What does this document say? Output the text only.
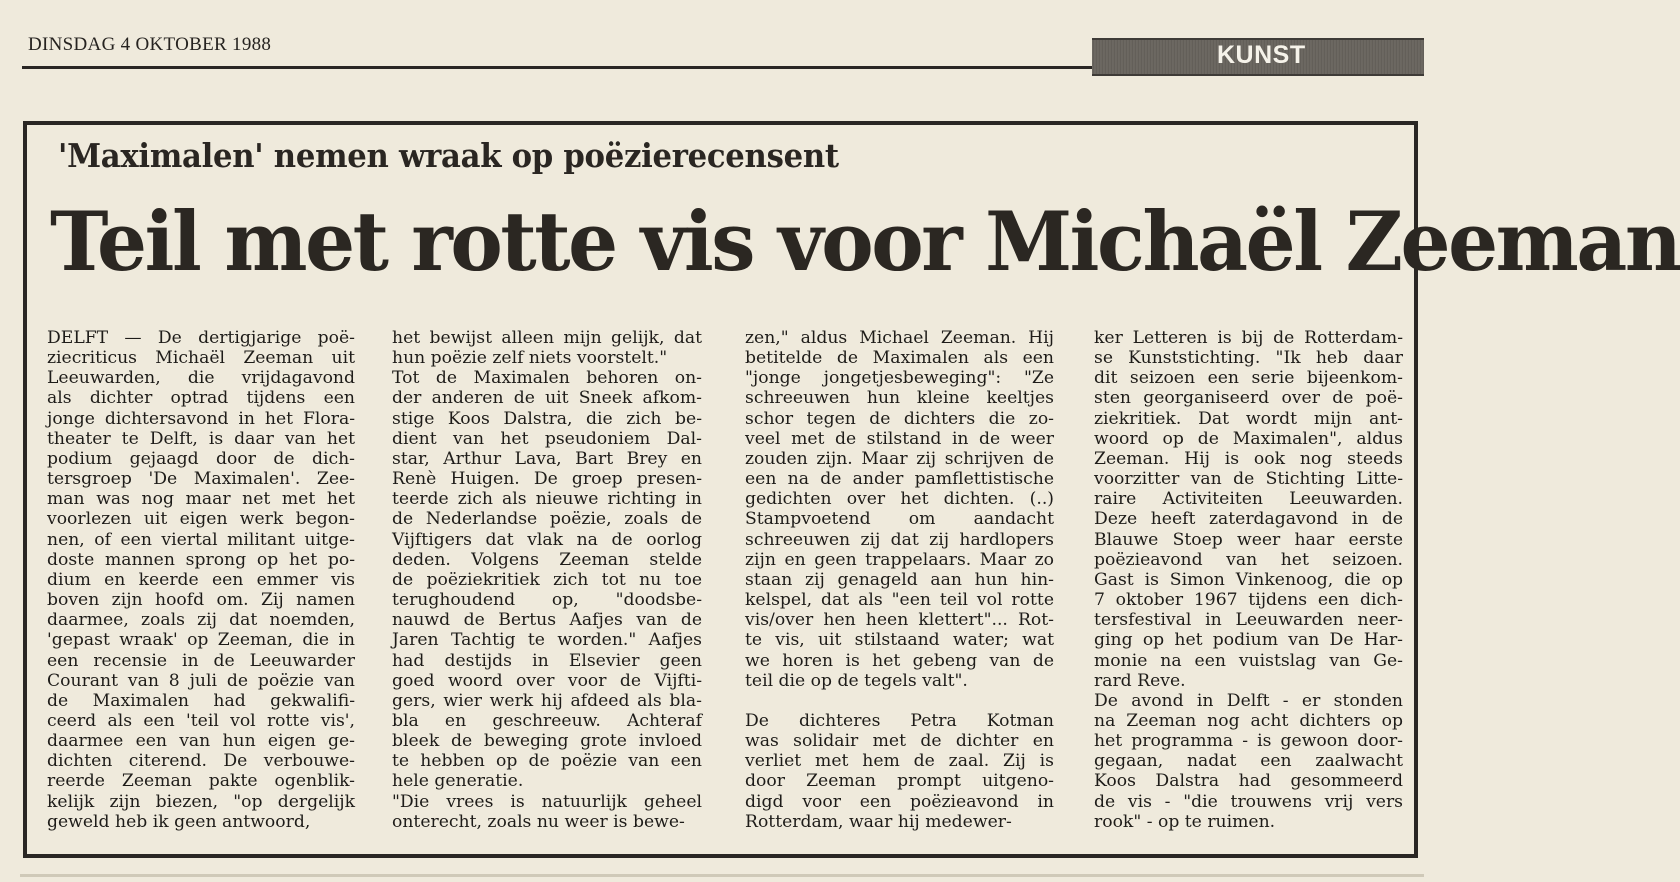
DINSDAG 4 OKTOBER 1988	KUNST
'Maximalen' nemen wraak op poëzierecensent
Teil met rotte vis voor Michaël Zeeman
DELFT — De dertigjarige poë-
ziecriticus Michaël Zeeman uit
Leeuwarden, die vrijdagavond
als dichter optrad tijdens een
jonge dichtersavond in het Flora-
theater te Delft, is daar van het
podium gejaagd door de dich-
tersgroep 'De Maximalen'. Zee-
man was nog maar net met het
voorlezen uit eigen werk begon-
nen, of een viertal militant uitge-
doste mannen sprong op het po-
dium en keerde een emmer vis
boven zijn hoofd om. Zij namen
daarmee, zoals zij dat noemden,
'gepast wraak' op Zeeman, die in
een recensie in de Leeuwarder
Courant van 8 juli de poëzie van
de Maximalen had gekwalifi-
ceerd als een 'teil vol rotte vis',
daarmee een van hun eigen ge-
dichten citerend. De verbouwe-
reerde Zeeman pakte ogenblik-
kelijk zijn biezen, "op dergelijk
geweld heb ik geen antwoord,
het bewijst alleen mijn gelijk, dat
hun poëzie zelf niets voorstelt."
Tot de Maximalen behoren on-
der anderen de uit Sneek afkom-
stige Koos Dalstra, die zich be-
dient van het pseudoniem Dal-
star, Arthur Lava, Bart Brey en
Renè Huigen. De groep presen-
teerde zich als nieuwe richting in
de Nederlandse poëzie, zoals de
Vijftigers dat vlak na de oorlog
deden. Volgens Zeeman stelde
de poëziekritiek zich tot nu toe
terughoudend op, "doodsbe-
nauwd de Bertus Aafjes van de
Jaren Tachtig te worden." Aafjes
had destijds in Elsevier geen
goed woord over voor de Vijfti-
gers, wier werk hij afdeed als bla-
bla en geschreeuw. Achteraf
bleek de beweging grote invloed
te hebben op de poëzie van een
hele generatie.
"Die vrees is natuurlijk geheel
onterecht, zoals nu weer is bewe-
zen," aldus Michael Zeeman. Hij
betitelde de Maximalen als een
"jonge jongetjesbeweging": "Ze
schreeuwen hun kleine keeltjes
schor tegen de dichters die zo-
veel met de stilstand in de weer
zouden zijn. Maar zij schrijven de
een na de ander pamflettistische
gedichten over het dichten. (..)
Stampvoetend om aandacht
schreeuwen zij dat zij hardlopers
zijn en geen trappelaars. Maar zo
staan zij genageld aan hun hin-
kelspel, dat als "een teil vol rotte
vis/over hen heen klettert"... Rot-
te vis, uit stilstaand water; wat
we horen is het gebeng van de
teil die op de tegels valt".
De dichteres Petra Kotman
was solidair met de dichter en
verliet met hem de zaal. Zij is
door Zeeman prompt uitgeno-
digd voor een poëzieavond in
Rotterdam, waar hij medewer-
ker Letteren is bij de Rotterdam-
se Kunststichting. "Ik heb daar
dit seizoen een serie bijeenkom-
sten georganiseerd over de poë-
ziekritiek. Dat wordt mijn ant-
woord op de Maximalen", aldus
Zeeman. Hij is ook nog steeds
voorzitter van de Stichting Litte-
raire Activiteiten Leeuwarden.
Deze heeft zaterdagavond in de
Blauwe Stoep weer haar eerste
poëzieavond van het seizoen.
Gast is Simon Vinkenoog, die op
7 oktober 1967 tijdens een dich-
tersfestival in Leeuwarden neer-
ging op het podium van De Har-
monie na een vuistslag van Ge-
rard Reve.
De avond in Delft - er stonden
na Zeeman nog acht dichters op
het programma - is gewoon door-
gegaan, nadat een zaalwacht
Koos Dalstra had gesommeerd
de vis - "die trouwens vrij vers
rook" - op te ruimen.
